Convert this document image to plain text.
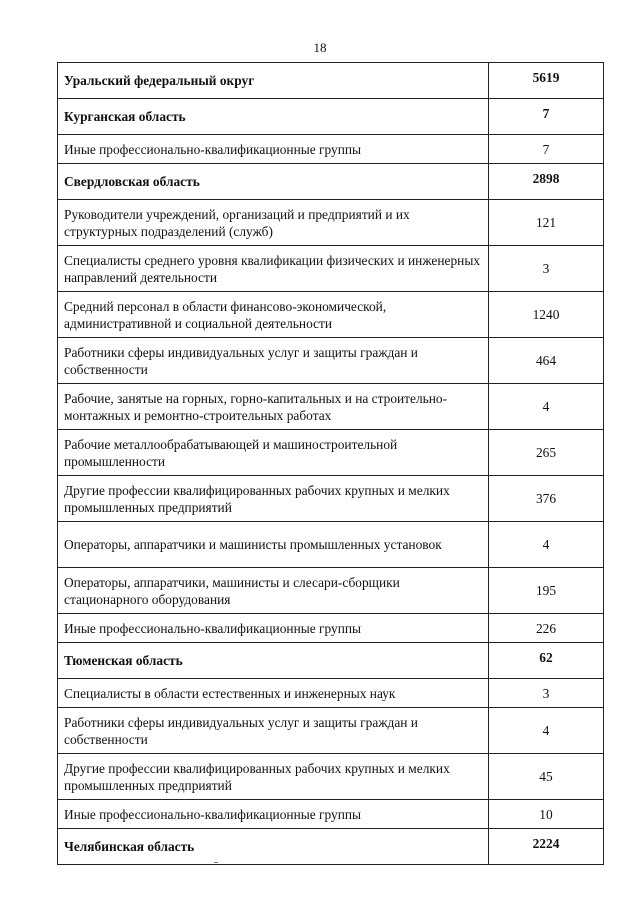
18
Уральский федеральный округ	5619
Курганская область	7
Иные профессионально-квалификационные группы	7
Свердловская область	2898
Руководители учреждений, организаций и предприятий и их структурных подразделений (служб)	121
Специалисты среднего уровня квалификации физических и инженерных направлений деятельности	3
Средний персонал в области финансово-экономической, административной и социальной деятельности	1240
Работники сферы индивидуальных услуг и защиты граждан и собственности	464
Рабочие, занятые на горных, горно-капитальных и на строительно-монтажных и ремонтно-строительных работах	4
Рабочие металлообрабатывающей и машиностроительной промышленности	265
Другие профессии квалифицированных рабочих крупных и мелких промышленных предприятий	376
Операторы, аппаратчики и машинисты промышленных установок	4
Операторы, аппаратчики, машинисты и слесари-сборщики стационарного оборудования	195
Иные профессионально-квалификационные группы	226
Тюменская область	62
Специалисты в области естественных и инженерных наук	3
Работники сферы индивидуальных услуг и защиты граждан и собственности	4
Другие профессии квалифицированных рабочих крупных и мелких промышленных предприятий	45
Иные профессионально-квалификационные группы	10
Челябинская область	2224
